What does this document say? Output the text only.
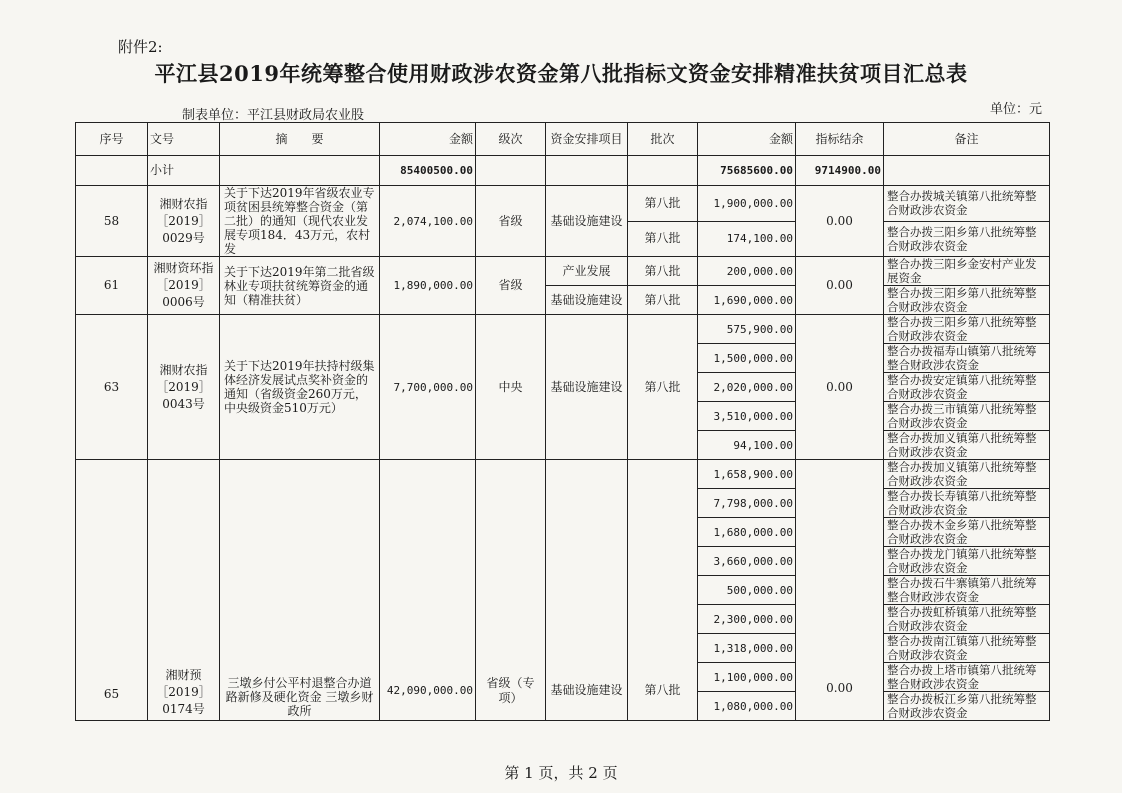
附件2:
平江县2019年统筹整合使用财政涉农资金第八批指标文资金安排精准扶贫项目汇总表
制表单位：平江县财政局农业股	单位：元
序号	文号	摘　　要	金额	级次	资金安排项目	批次	金额	指标结余	备注
	小计		85400500.00				75685600.00	9714900.00	
58	湘财农指［2019］0029号	关于下达2019年省级农业专项贫困县统筹整合资金（第二批）的通知（现代农业发展专项184．43万元，农村发	2,074,100.00	省级	基础设施建设	第八批	1,900,000.00	0.00	整合办拨城关镇第八批统筹整合财政涉农资金
						第八批	174,100.00		整合办拨三阳乡第八批统筹整合财政涉农资金
61	湘财资环指［2019］0006号	关于下达2019年第二批省级林业专项扶贫统筹资金的通知（精准扶贫）	1,890,000.00	省级	产业发展	第八批	200,000.00	0.00	整合办拨三阳乡金安村产业发展资金
					基础设施建设	第八批	1,690,000.00		整合办拨三阳乡第八批统筹整合财政涉农资金
63	湘财农指［2019］0043号	关于下达2019年扶持村级集体经济发展试点奖补资金的通知（省级资金260万元，中央级资金510万元）	7,700,000.00	中央	基础设施建设	第八批	575,900.00	0.00	整合办拨三阳乡第八批统筹整合财政涉农资金
							1,500,000.00		整合办拨福寿山镇第八批统筹整合财政涉农资金
							2,020,000.00		整合办拨安定镇第八批统筹整合财政涉农资金
							3,510,000.00		整合办拨三市镇第八批统筹整合财政涉农资金
							94,100.00		整合办拨加义镇第八批统筹整合财政涉农资金
65	湘财预［2019］0174号	三墩乡付公平村退整合办道路新修及硬化资金 三墩乡财政所	42,090,000.00	省级（专项）	基础设施建设	第八批	1,658,900.00	0.00	整合办拨加义镇第八批统筹整合财政涉农资金
							7,798,000.00		整合办拨长寿镇第八批统筹整合财政涉农资金
							1,680,000.00		整合办拨木金乡第八批统筹整合财政涉农资金
							3,660,000.00		整合办拨龙门镇第八批统筹整合财政涉农资金
							500,000.00		整合办拨石牛寨镇第八批统筹整合财政涉农资金
							2,300,000.00		整合办拨虹桥镇第八批统筹整合财政涉农资金
							1,318,000.00		整合办拨南江镇第八批统筹整合财政涉农资金
							1,100,000.00		整合办拨上塔市镇第八批统筹整合财政涉农资金
							1,080,000.00		整合办拨板江乡第八批统筹整合财政涉农资金
第 1 页，共 2 页
